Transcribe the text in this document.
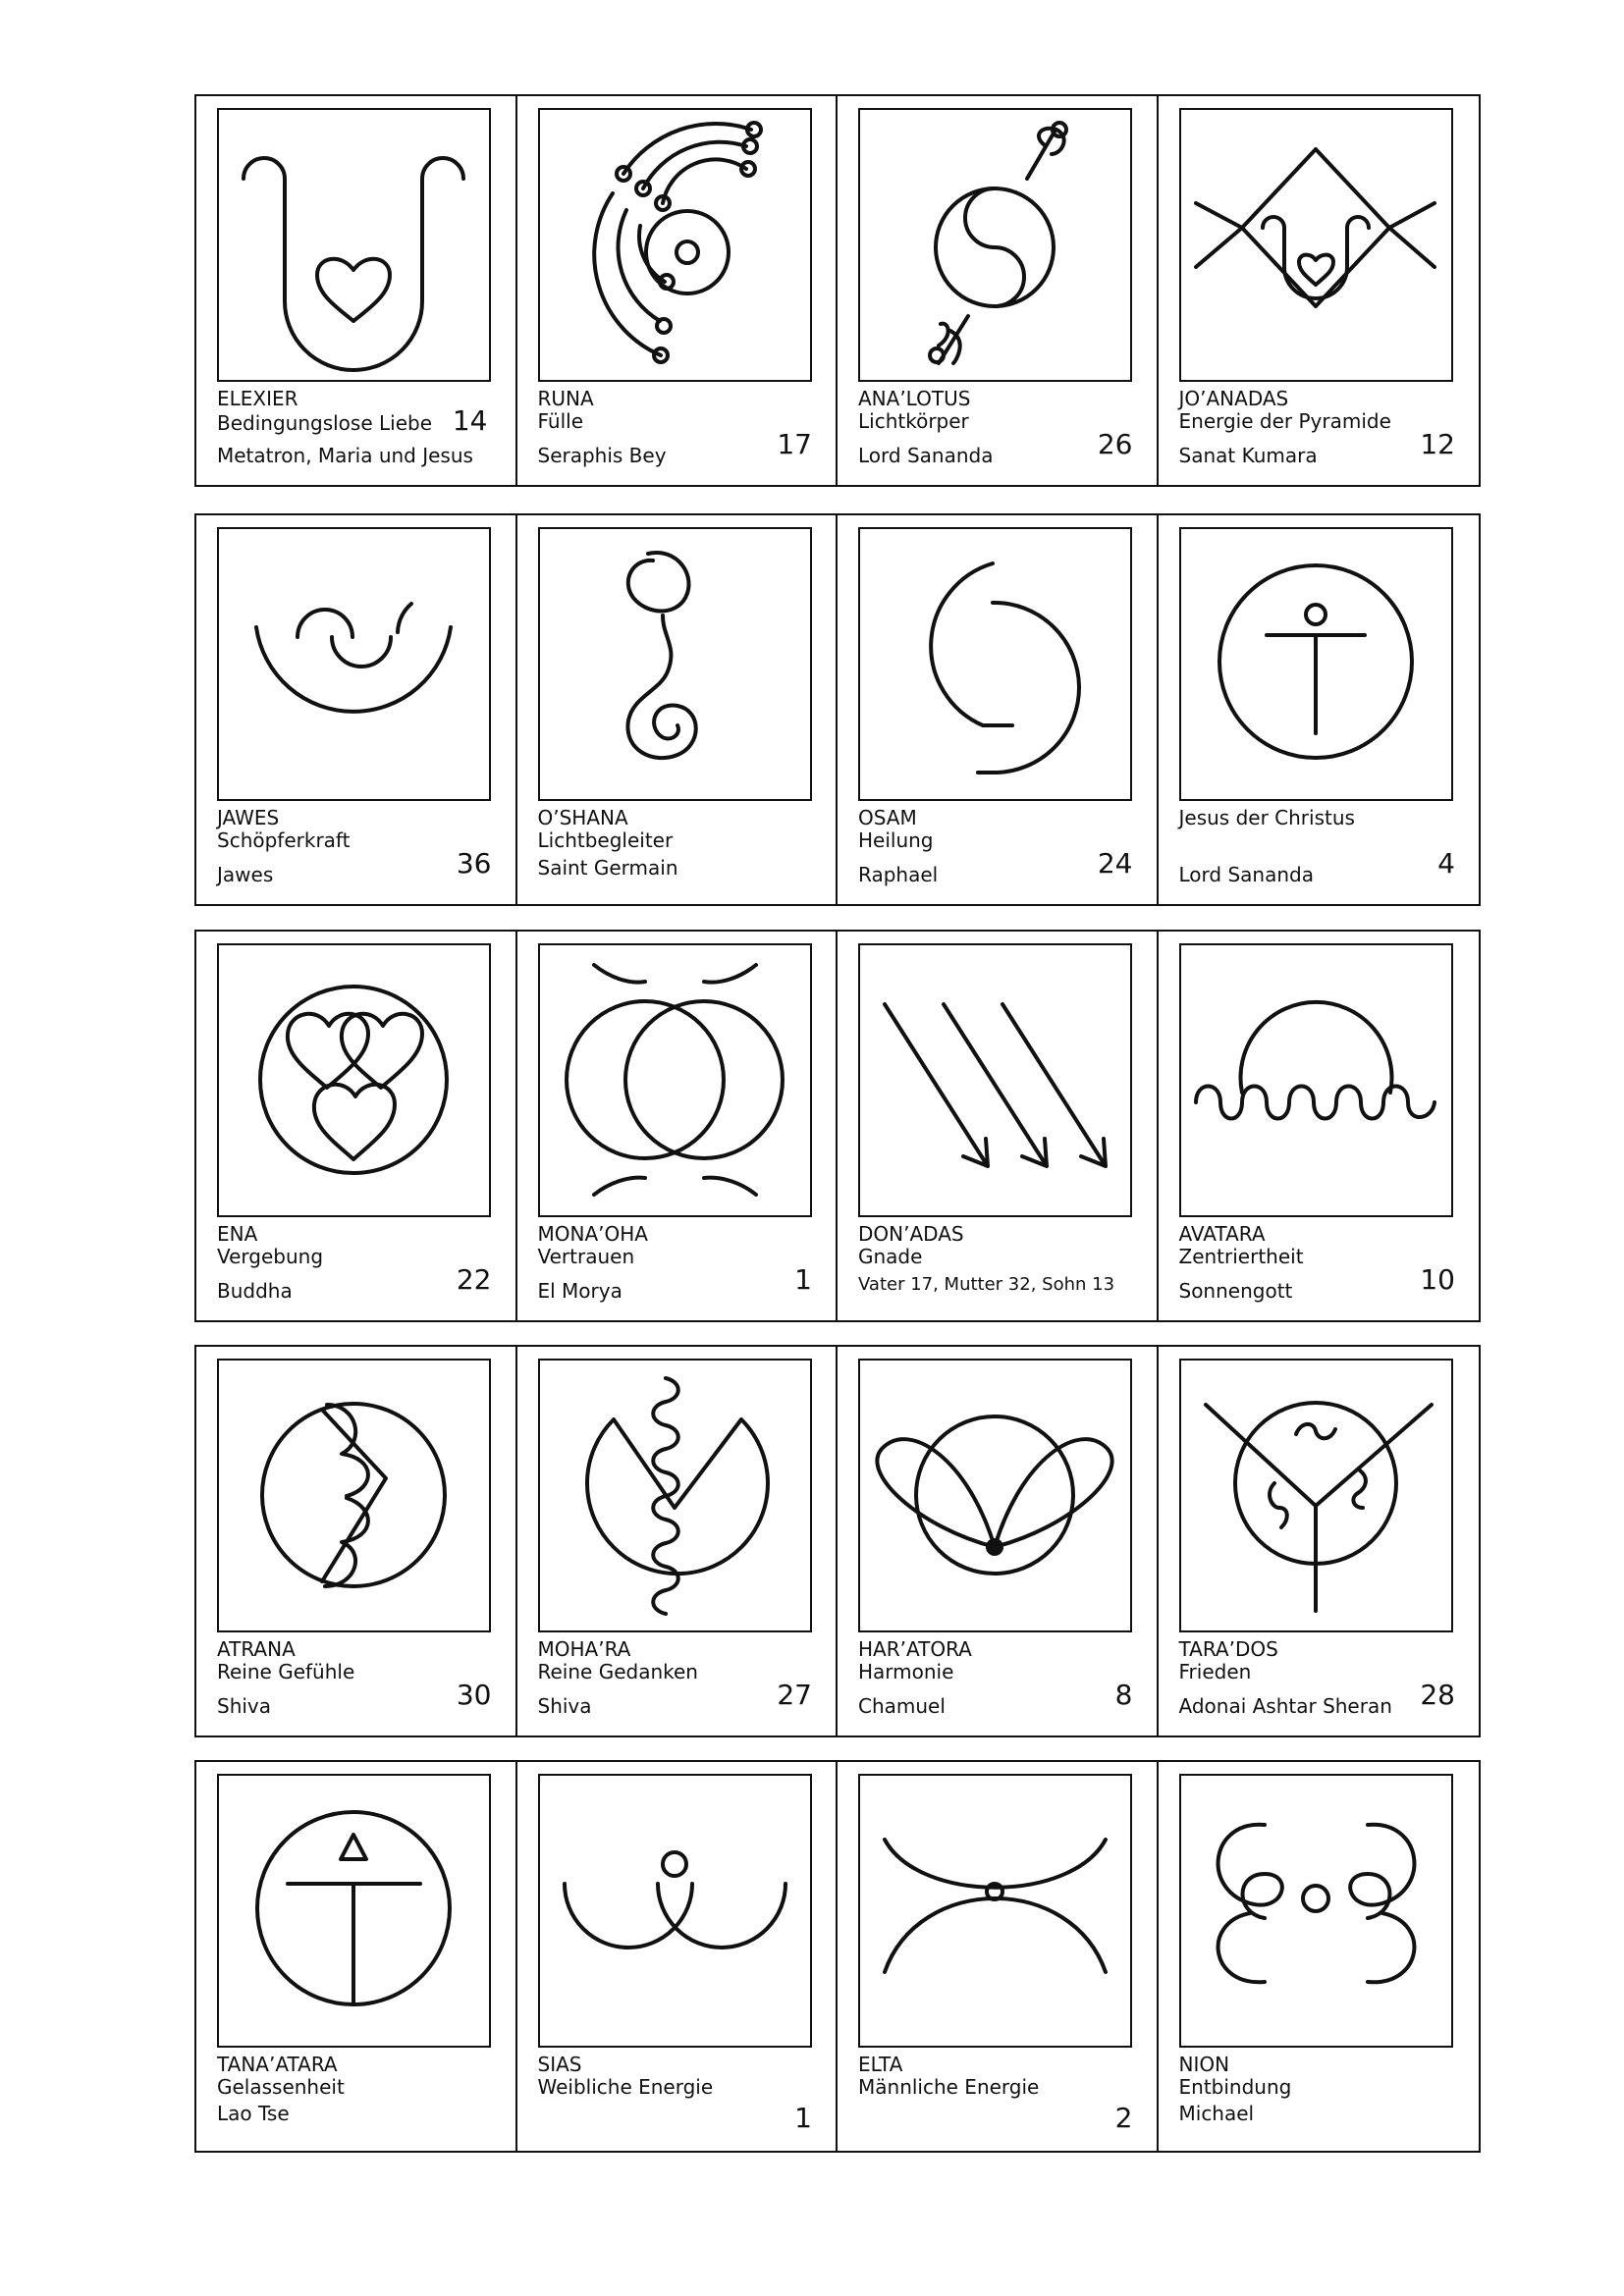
ELEXIER
Bedingungslose Liebe
Metatron, Maria und Jesus
14
RUNA
Fülle
Seraphis Bey	17
ANA’LOTUS
Lichtkörper
Lord Sananda	26
JO’ANADAS
Energie der Pyramide
Sanat Kumara	12
JAWES
Schöpferkraft
Jawes	36
O’SHANA
Lichtbegleiter
Saint Germain
OSAM
Heilung
Raphael	24
Jesus der Christus
Lord Sananda	4
ENA
Vergebung
Buddha	22
MONA’OHA
Vertrauen
El Morya	1
DON’ADAS
Gnade
Vater 17, Mutter 32, Sohn 13
AVATARA
Zentriertheit
Sonnengott	10
ATRANA
Reine Gefühle
Shiva	30
MOHA’RA
Reine Gedanken
Shiva	27
HAR’ATORA
Harmonie
Chamuel	8
TARA’DOS
Frieden
Adonai Ashtar Sheran 28
TANA’ATARA
Gelassenheit
Lao Tse
SIAS
Weibliche Energie
1
ELTA
Männliche Energie
2
NION
Entbindung
Michael
